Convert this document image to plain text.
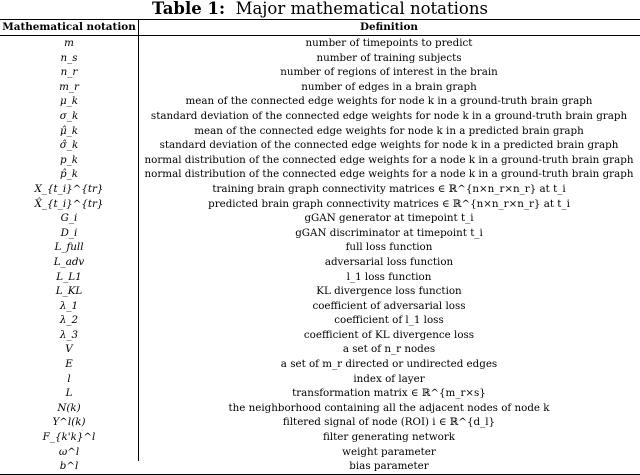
Table 1: Major mathematical notations
Mathematical notation	Definition
m	number of timepoints to predict
n_s	number of training subjects
n_r	number of regions of interest in the brain
m_r	number of edges in a brain graph
μ_k	mean of the connected edge weights for node k in a ground-truth brain graph
σ_k	standard deviation of the connected edge weights for node k in a ground-truth brain graph
μ̂_k	mean of the connected edge weights for node k in a predicted brain graph
σ̂_k	standard deviation of the connected edge weights for node k in a predicted brain graph
p_k	normal distribution of the connected edge weights for a node k in a ground-truth brain graph
p̂_k	normal distribution of the connected edge weights for a node k in a ground-truth brain graph
X_{t_i}^{tr}	training brain graph connectivity matrices ∈ ℝ^{n×n_r×n_r} at t_i
X̂_{t_i}^{tr}	predicted brain graph connectivity matrices ∈ ℝ^{n×n_r×n_r} at t_i
G_i	gGAN generator at timepoint t_i
D_i	gGAN discriminator at timepoint t_i
L_full	full loss function
L_adv	adversarial loss function
L_L1	l_1 loss function
L_KL	KL divergence loss function
λ_1	coefficient of adversarial loss
λ_2	coefficient of l_1 loss
λ_3	coefficient of KL divergence loss
V	a set of n_r nodes
E	a set of m_r directed or undirected edges
l	index of layer
L	transformation matrix ∈ ℝ^{m_r×s}
N(k)	the neighborhood containing all the adjacent nodes of node k
Y^l(k)	filtered signal of node (ROI) i ∈ ℝ^{d_l}
F_{k'k}^l	filter generating network
ω^l	weight parameter
b^l	bias parameter
